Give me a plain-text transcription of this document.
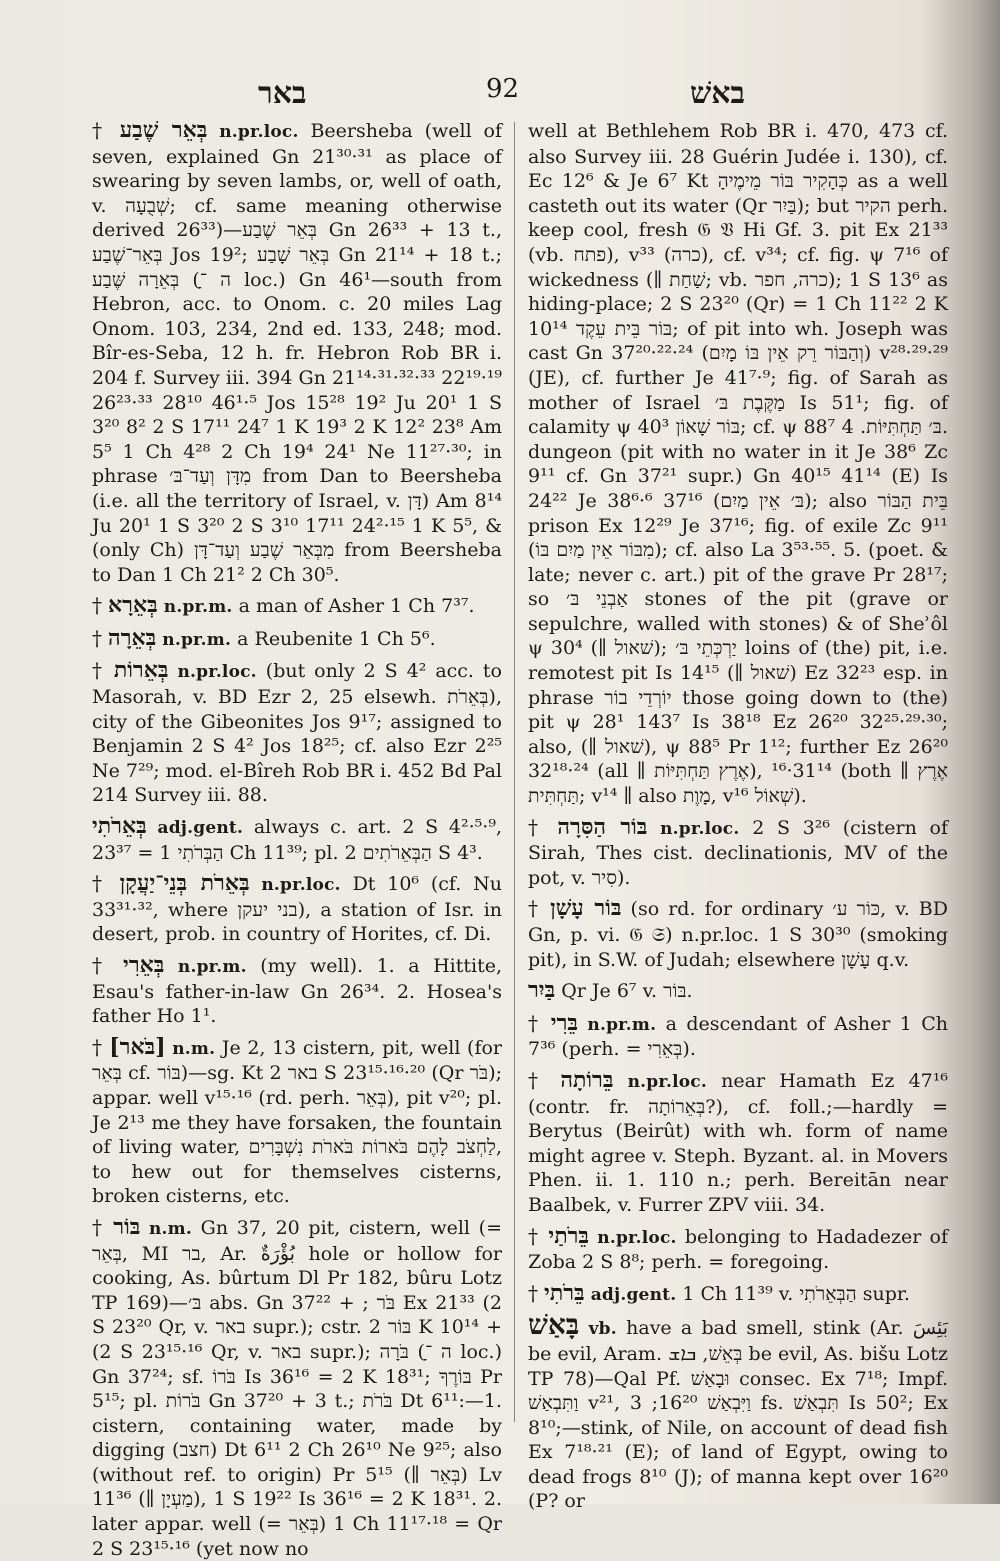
באר	92	באשׁ

† בְּאֵר שֶׁבַע n.pr.loc. Beersheba (well of seven, explained Gn 21³⁰·³¹ as place of swearing by seven lambs, or, well of oath, v. שְׁבֻעָה; cf. same meaning otherwise derived 26³³)—בְּאֵר שֶׁבַע Gn 26³³ + 13 t., בְּאֵר־שֶׁבַע Jos 19²; בְּאֵר שָׁבַע Gn 21¹⁴ + 18 t.; בְּאֵרָה שֶּׁבַע (ה ־ָ loc.) Gn 46¹—south from Hebron, acc. to Onom. c. 20 miles Lag Onom. 103, 234, 2nd ed. 133, 248; mod. Bîr-es-Seba, 12 h. fr. Hebron Rob BR i. 204 f. Survey iii. 394 Gn 21¹⁴·³¹·³²·³³ 22¹⁹·¹⁹ 26²³·³³ 28¹⁰ 46¹·⁵ Jos 15²⁸ 19² Ju 20¹ 1 S 3²⁰ 8² 2 S 17¹¹ 24⁷ 1 K 19³ 2 K 12² 23⁸ Am 5⁵ 1 Ch 4²⁸ 2 Ch 19⁴ 24¹ Ne 11²⁷·³⁰; in phrase מִדָּן וְעַד־בּ׳ from Dan to Beersheba (i.e. all the territory of Israel, v. דָּן) Am 8¹⁴ Ju 20¹ 1 S 3²⁰ 2 S 3¹⁰ 17¹¹ 24²·¹⁵ 1 K 5⁵, & (only Ch) מִבְּאֵר שֶׁבַע וְעַד־דָּן from Beersheba to Dan 1 Ch 21² 2 Ch 30⁵.

† בְּאֵרָא n.pr.m. a man of Asher 1 Ch 7³⁷.

† בְּאֵרָה n.pr.m. a Reubenite 1 Ch 5⁶.

† בְּאֵרוֹת n.pr.loc. (but only 2 S 4² acc. to Masorah, v. BD Ezr 2, 25 elsewh. בְּאֵרֹת), city of the Gibeonites Jos 9¹⁷; assigned to Benjamin 2 S 4² Jos 18²⁵; cf. also Ezr 2²⁵ Ne 7²⁹; mod. el-Bîreh Rob BR i. 452 Bd Pal 214 Survey iii. 88.

בְּאֵרֹתִי adj.gent. always c. art. 2 S 4²·⁵·⁹, 23³⁷ = הַבְּרֹתִי 1 Ch 11³⁹; pl. הַבְּאֵרֹתִים 2 S 4³.

† בְּאֵרֹת בְּנֵי־יַעֲקָן n.pr.loc. Dt 10⁶ (cf. Nu 33³¹·³², where בני יעקן), a station of Isr. in desert, prob. in country of Horites, cf. Di.

† בְּאֵרִי n.pr.m. (my well). 1. a Hittite, Esau's father-in-law Gn 26³⁴. 2. Hosea's father Ho 1¹.

† [בֹּאר] n.m. Je 2, 13 cistern, pit, well (for בְּאֵר cf. בּוֹר)—sg. Kt באר 2 S 23¹⁵·¹⁶·²⁰ (Qr בֹּר); appar. well v¹⁵·¹⁶ (rd. perh. בְּאֵר), pit v²⁰; pl. Je 2¹³ me they have forsaken, the fountain of living water, לַחְצֹב לָהֶם בֹּארוֹת בֹּארֹת נִשְׁבָּרִים, to hew out for themselves cisterns, broken cisterns, etc.

† בּוֹר n.m. Gn 37, 20 pit, cistern, well (= בְּאֵר, MI בר, Ar. بُؤْرَةٌ hole or hollow for cooking, As. bûrtum Dl Pr 182, bûru Lotz TP 169)—בּ׳ abs. Gn 37²² + ; בֹּר Ex 21³³ (2 S 23²⁰ Qr, v. באר supr.); cstr. בּוֹר 2 K 10¹⁴ + (2 S 23¹⁵·¹⁶ Qr, v. באר supr.); בֹּרָה (ה ־ָ loc.) Gn 37²⁴; sf. בֹּרוֹ Is 36¹⁶ = 2 K 18³¹; בּוֹרֶךָ Pr 5¹⁵; pl. בֹּרוֹת Gn 37²⁰ + 3 t.; בֹּרֹת Dt 6¹¹:—1. cistern, containing water, made by digging (חצב) Dt 6¹¹ 2 Ch 26¹⁰ Ne 9²⁵; also (without ref. to origin) Pr 5¹⁵ (∥ בְּאֵר) Lv 11³⁶ (∥ מַעְיָן), 1 S 19²² Is 36¹⁶ = 2 K 18³¹. 2. later appar. well (= בְּאֵר) 1 Ch 11¹⁷·¹⁸ = Qr 2 S 23¹⁵·¹⁶ (yet now no

well at Bethlehem Rob BR i. 470, 473 cf. also Survey iii. 28 Guérin Judée i. 130), cf. Ec 12⁶ & Je 6⁷ Kt כְּהָקִיר בּוֹר מֵימֶיהָ as a well casteth out its water (Qr בַּיִר); but הקיר perh. keep cool, fresh 𝔊 𝔙 Hi Gf. 3. pit Ex 21³³ (vb. פתח), v³³ (כרה), cf. v³⁴; cf. fig. ψ 7¹⁶ of wickedness (∥ שַׁחַת; vb. כרה, חפר); 1 S 13⁶ as hiding-place; 2 S 23²⁰ (Qr) = 1 Ch 11²² 2 K 10¹⁴ בּוֹר בֵּית עֵקֶד; of pit into wh. Joseph was cast Gn 37²⁰·²²·²⁴ (וְהַבּוֹר רֵק אֵין בּוֹ מָיִם) v²⁸·²⁹·²⁹ (JE), cf. further Je 41⁷·⁹; fig. of Sarah as mother of Israel מַקֶּבֶת בּ׳ Is 51¹; fig. of calamity ψ 40³ בּוֹר שָׁאוֹן; cf. ψ 88⁷ בּ׳ תַּחְתִּיּוֹת. 4. dungeon (pit with no water in it Je 38⁶ Zc 9¹¹ cf. Gn 37²¹ supr.) Gn 40¹⁵ 41¹⁴ (E) Is 24²² Je 38⁶·⁶ 37¹⁶ (בּ׳ אֵין מַיִם); also בֵּית הַבּוֹר prison Ex 12²⁹ Je 37¹⁶; fig. of exile Zc 9¹¹ (מִבּוֹר אֵין מַיִם בּוֹ); cf. also La 3⁵³·⁵⁵. 5. (poet. & late; never c. art.) pit of the grave Pr 28¹⁷; so אַבְנֵי בּ׳ stones of the pit (grave or sepulchre, walled with stones) & of Sheʾôl ψ 30⁴ (∥ שׁאול); יַרְכְּתֵי בּ׳ loins of (the) pit, i.e. remotest pit Is 14¹⁵ (∥ שׁאול) Ez 32²³ esp. in phrase יוֹרְדֵי בוֹר those going down to (the) pit ψ 28¹ 143⁷ Is 38¹⁸ Ez 26²⁰ 32²⁵·²⁹·³⁰; also, (∥ שׁאול), ψ 88⁵ Pr 1¹²; further Ez 26²⁰ 32¹⁸·²⁴ (all ∥ אֶרֶץ תַּחְתִּיּוֹת), 31¹⁴·¹⁶ (both ∥ אֶרֶץ תַּחְתִּית; v¹⁴ ∥ also מָוֶת, v¹⁶ שְׁאוֹל).

† בּוֹר הַסִּרָה n.pr.loc. 2 S 3²⁶ (cistern of Sirah, Thes cist. declinationis, MV of the pot, v. סִיר).

† בּוֹר עָשָׁן (so rd. for ordinary כּוֹר ע׳, v. BD Gn, p. vi. 𝔊 𝔖) n.pr.loc. 1 S 30³⁰ (smoking pit), in S.W. of Judah; elsewhere עָשָׁן q.v.

בַּיִר Qr Je 6⁷ v. בּוֹר.

† בֵּרִי n.pr.m. a descendant of Asher 1 Ch 7³⁶ (perh. = בְּאֵרִי).

† בֵּרוֹתָה n.pr.loc. near Hamath Ez 47¹⁶ (contr. fr. בְּאֵרוֹתָה?), cf. foll.;—hardly = Berytus (Beirût) with wh. form of name might agree v. Steph. Byzant. al. in Movers Phen. ii. 1. 110 n.; perh. Bereitān near Baalbek, v. Furrer ZPV viii. 34.

† בֵּרֹתַי n.pr.loc. belonging to Hadadezer of Zoba 2 S 8⁸; perh. = foregoing.

† בֵּרֹתִי adj.gent. 1 Ch 11³⁹ v. הַבְּאֵרֹתִי supr.

בָּאַשׁ vb. have a bad smell, stink (Ar. بَئِسَ be evil, Aram. בְּאֵשׁ, ܒܐܫ be evil, As. bišu Lotz TP 78)—Qal Pf. וּבָאַשׁ consec. Ex 7¹⁸; Impf. וַתִּבְאַשׁ v²¹, וַיִּבְאַשׁ 16²⁰; 3 fs. תִּבְאַשׁ Is 50²; Ex 8¹⁰;—stink, of Nile, on account of dead fish Ex 7¹⁸·²¹ (E); of land of Egypt, owing to dead frogs 8¹⁰ (J); of manna kept over 16²⁰ (P? or
